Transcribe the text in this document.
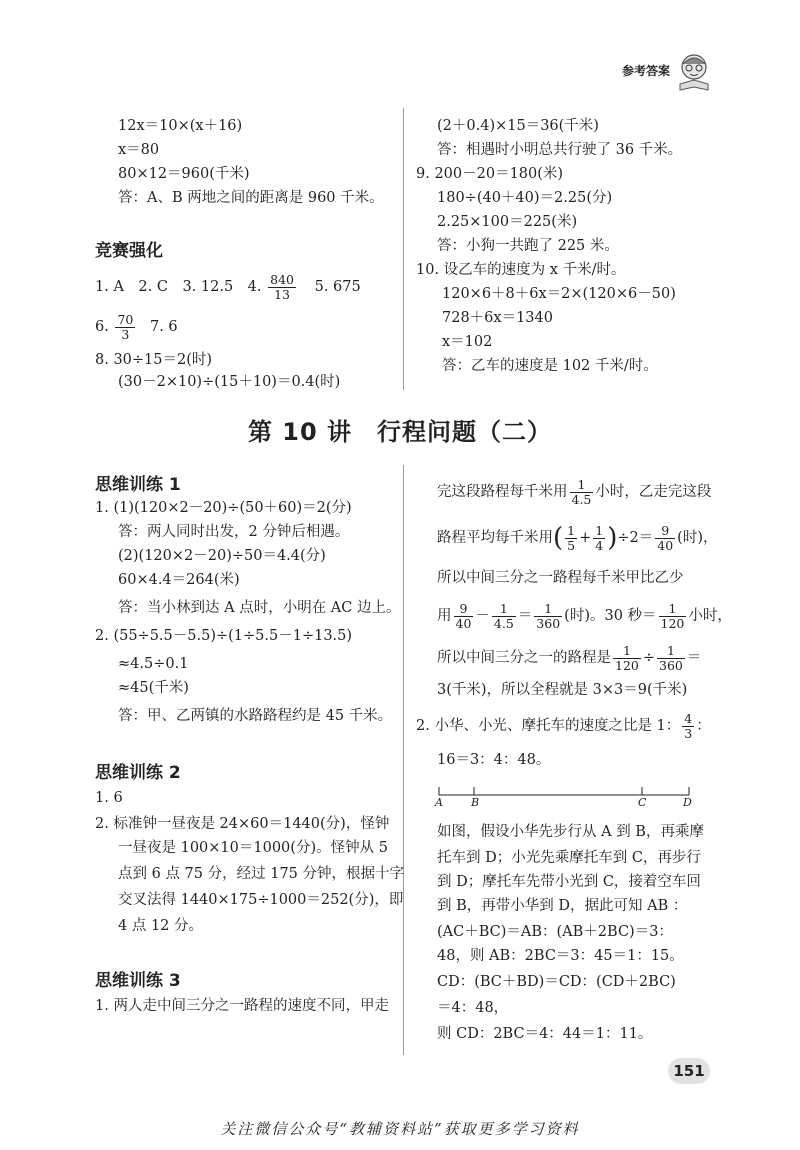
参考答案
12x＝10×(x＋16)
x＝80
80×12＝960(千米)
答：A、B 两地之间的距离是 960 千米。
竞赛强化
1. A　2. C　3. 12.5　4. $\frac{840}{13} 5$. 675
6. $\frac{70}{3} 7$. 6
8. 30÷15＝2(时)
(30－2×10)÷(15＋10)＝0.4(时)
(2＋0.4)×15＝36(千米)
答：相遇时小明总共行驶了 36 千米。
9. 200－20＝180(米)
180÷(40＋40)＝2.25(分)
2.25×100＝225(米)
答：小狗一共跑了 225 米。
10. 设乙车的速度为 x 千米/时。
120×6＋8＋6x＝2×(120×6－50)
728＋6x＝1340
x＝102
答：乙车的速度是 102 千米/时。
第 10 讲　行程问题（二）
思维训练 1
1. (1)(120×2－20)÷(50＋60)＝2(分)
答：两人同时出发，2 分钟后相遇。
(2)(120×2－20)÷50＝4.4(分)
60×4.4＝264(米)
答：当小林到达 A 点时，小明在 AC 边上。
2. (55÷5.5－5.5)÷(1÷5.5－1÷13.5)
≈4.5÷0.1
≈45(千米)
答：甲、乙两镇的水路路程约是 45 千米。
思维训练 2
1. 6
2. 标准钟一昼夜是 24×60＝1440(分)，怪钟
一昼夜是 100×10＝1000(分)。怪钟从 5
点到 6 点 75 分，经过 175 分钟，根据十字
交叉法得 1440×175÷1000＝252(分)，即
4 点 12 分。
思维训练 3
1. 两人走中间三分之一路程的速度不同，甲走
完这段路程每千米用 $\frac{1}{4.5}$ 小时，乙走完这段
路程平均每千米用( $\frac{1}{5} + \frac{1}{4} )\div 2= \frac{9}{40}$ (时)，
所以中间三分之一路程每千米甲比乙少
用 $\frac{9}{40} - \frac{1}{4.5} = \frac{1}{360}$ (时)。30 秒＝ $\frac{1}{120}$ 小时，
所以中间三分之一的路程是 $\frac{1}{120} \div \frac{1}{360}$ ＝
3(千米)，所以全程就是 3×3＝9(千米)
2. 小华、小光、摩托车的速度之比是 1： $\frac{4}{3}$ ：
16＝3：4：48。
A	B	C	D
如图，假设小华先步行从 A 到 B，再乘摩
托车到 D；小光先乘摩托车到 C，再步行
到 D；摩托车先带小光到 C，接着空车回
到 B，再带小华到 D，据此可知 AB ：
(AC＋BC)＝AB：(AB＋2BC)＝3：
48，则 AB：2BC＝3：45＝1：15。
CD：(BC＋BD)＝CD：(CD＋2BC)
＝4：48，
则 CD：2BC＝4：44＝1：11。
151
关注微信公众号“教辅资料站”获取更多学习资料
